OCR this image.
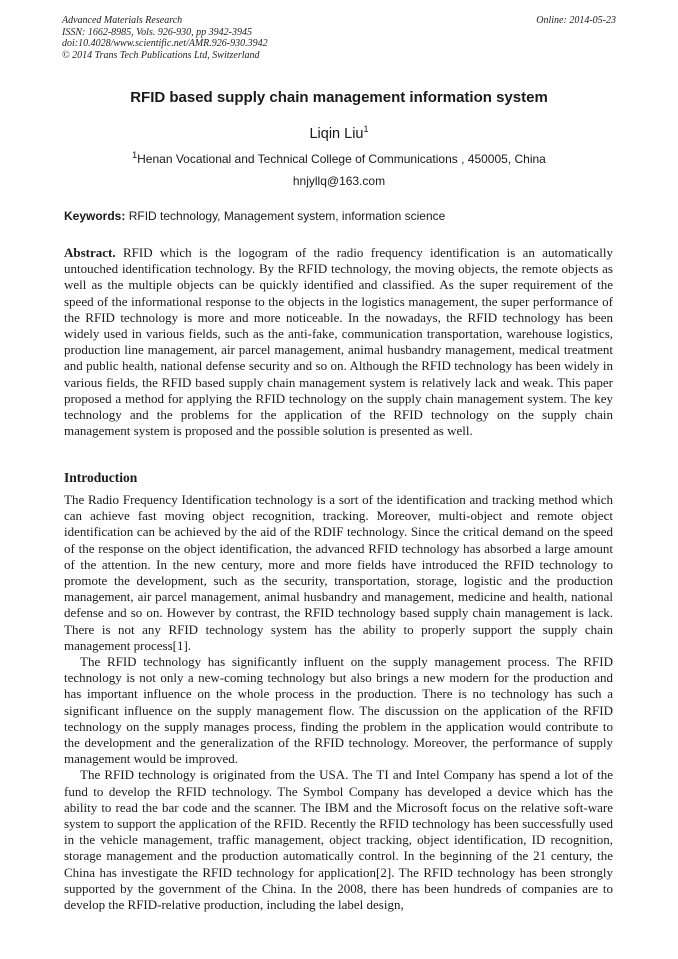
Advanced Materials Research
ISSN: 1662-8985, Vols. 926-930, pp 3942-3945
doi:10.4028/www.scientific.net/AMR.926-930.3942
© 2014 Trans Tech Publications Ltd, Switzerland
Online: 2014-05-23
RFID based supply chain management information system
Liqin Liu$^1$
$^1$Henan Vocational and Technical College of Communications , 450005, China
hnjyllq@163.com
Keywords: RFID technology, Management system, information science
Abstract. RFID which is the logogram of the radio frequency identification is an automatically untouched identification technology. By the RFID technology, the moving objects, the remote objects as well as the multiple objects can be quickly identified and classified. As the super requirement of the speed of the informational response to the objects in the logistics management, the super performance of the RFID technology is more and more noticeable. In the nowadays, the RFID technology has been widely used in various fields, such as the anti-fake, communication transportation, warehouse logistics, production line management, air parcel management, animal husbandry management, medical treatment and public health, national defense security and so on. Although the RFID technology has been widely in various fields, the RFID based supply chain management system is relatively lack and weak. This paper proposed a method for applying the RFID technology on the supply chain management system. The key technology and the problems for the application of the RFID technology on the supply chain management system is proposed and the possible solution is presented as well.
Introduction

The Radio Frequency Identification technology is a sort of the identification and tracking method which can achieve fast moving object recognition, tracking. Moreover, multi-object and remote object identification can be achieved by the aid of the RDIF technology. Since the critical demand on the speed of the response on the object identification, the advanced RFID technology has absorbed a large amount of the attention. In the new century, more and more fields have introduced the RFID technology to promote the development, such as the security, transportation, storage, logistic and the production management, air parcel management, animal husbandry and management, medicine and health, national defense and so on. However by contrast, the RFID technology based supply chain management is lack. There is not any RFID technology system has the ability to properly support the supply chain management process[1].

The RFID technology has significantly influent on the supply management process. The RFID technology is not only a new-coming technology but also brings a new modern for the production and has important influence on the whole process in the production. There is no technology has such a significant influence on the supply management flow. The discussion on the application of the RFID technology on the supply manages process, finding the problem in the application would contribute to the development and the generalization of the RFID technology. Moreover, the performance of supply management would be improved.

The RFID technology is originated from the USA. The TI and Intel Company has spend a lot of the fund to develop the RFID technology. The Symbol Company has developed a device which has the ability to read the bar code and the scanner. The IBM and the Microsoft focus on the relative soft-ware system to support the application of the RFID. Recently the RFID technology has been successfully used in the vehicle management, traffic management, object tracking, object identification, ID recognition, storage management and the production automatically control. In the beginning of the 21 century, the China has investigate the RFID technology for application[2]. The RFID technology has been strongly supported by the government of the China. In the 2008, there has been hundreds of companies are to develop the RFID-relative production, including the label design,
